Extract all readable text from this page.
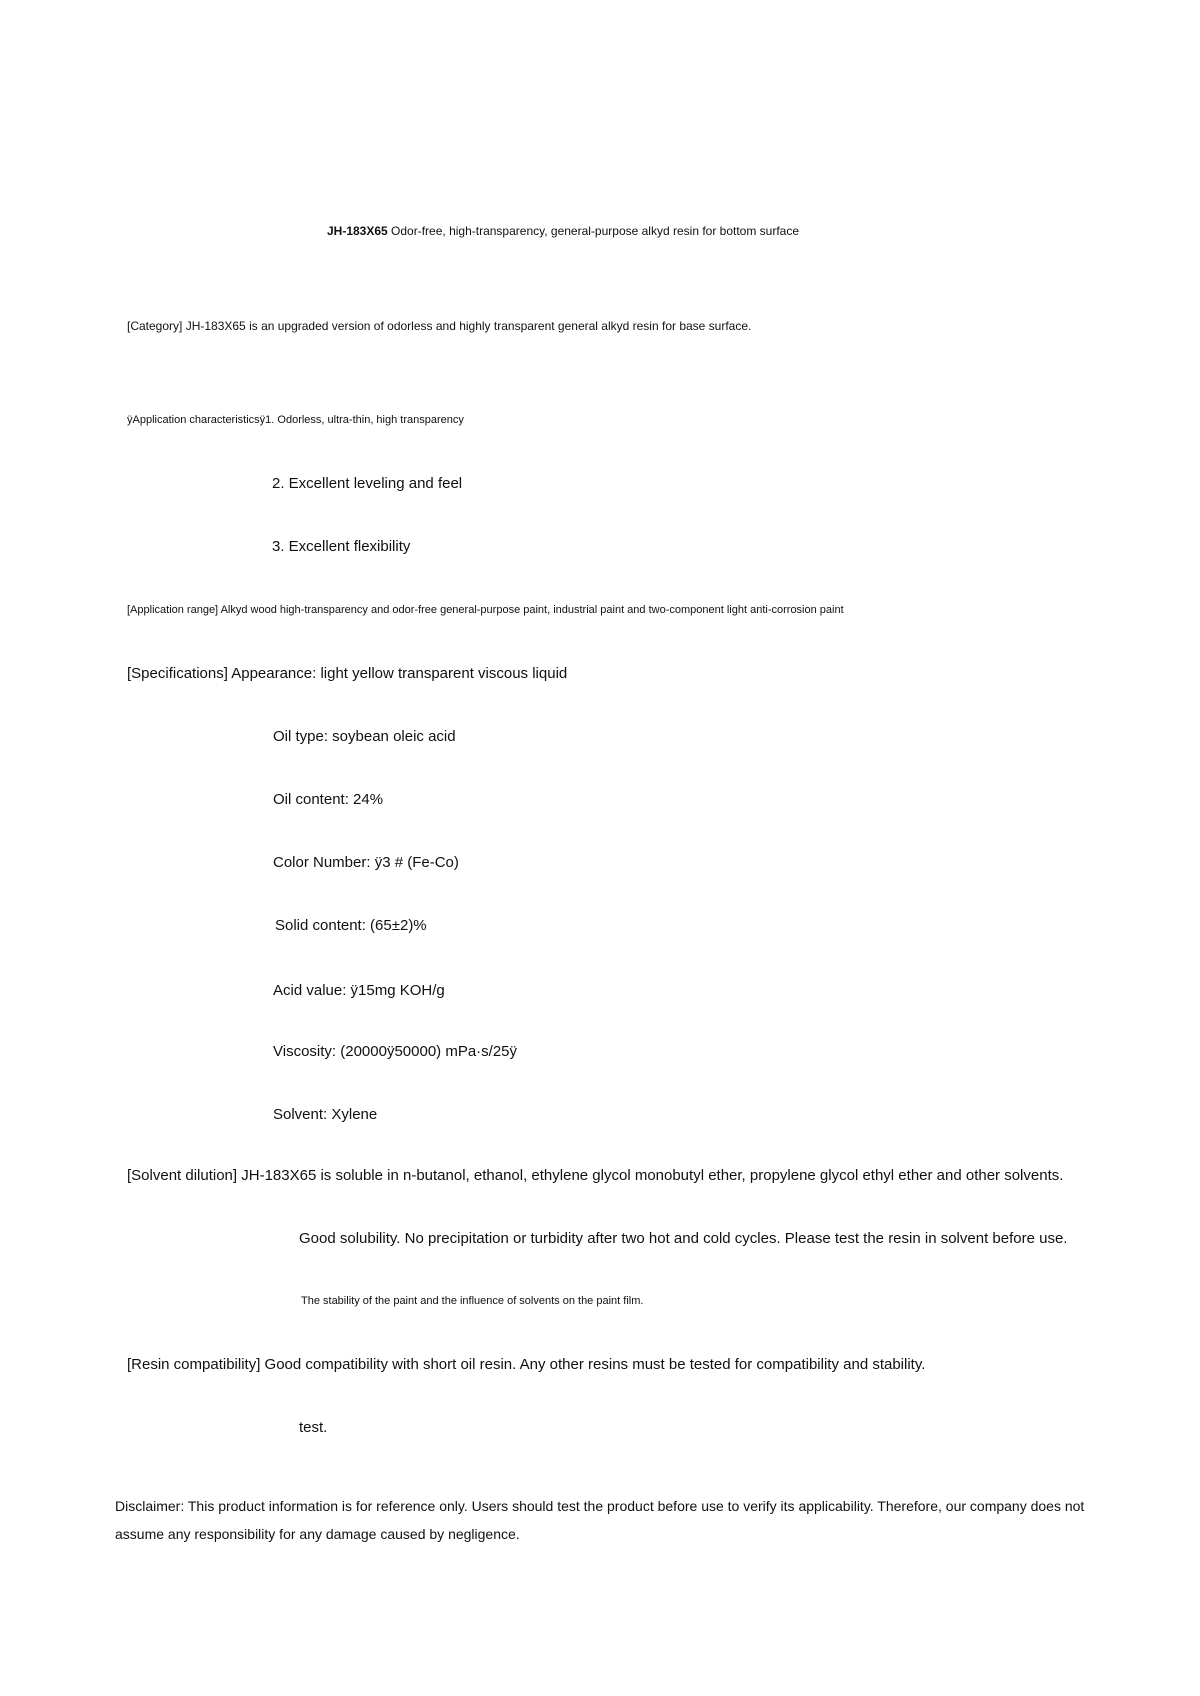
JH-183X65 Odor-free, high-transparency, general-purpose alkyd resin for bottom surface
[Category] JH-183X65 is an upgraded version of odorless and highly transparent general alkyd resin for base surface.
ÿApplication characteristicsÿ1. Odorless, ultra-thin, high transparency
2. Excellent leveling and feel
3. Excellent flexibility
[Application range] Alkyd wood high-transparency and odor-free general-purpose paint, industrial paint and two-component light anti-corrosion paint
[Specifications] Appearance: light yellow transparent viscous liquid
Oil type: soybean oleic acid
Oil content: 24%
Color Number: ÿ3 # (Fe-Co)
Solid content: (65±2)%
Acid value: ÿ15mg KOH/g
Viscosity: (20000ÿ50000) mPa·s/25ÿ
Solvent: Xylene
[Solvent dilution] JH-183X65 is soluble in n-butanol, ethanol, ethylene glycol monobutyl ether, propylene glycol ethyl ether and other solvents.
Good solubility. No precipitation or turbidity after two hot and cold cycles. Please test the resin in solvent before use.
The stability of the paint and the influence of solvents on the paint film.
[Resin compatibility] Good compatibility with short oil resin. Any other resins must be tested for compatibility and stability.
test.
Disclaimer: This product information is for reference only. Users should test the product before use to verify its applicability. Therefore, our company does not assume any responsibility for any damage caused by negligence.
